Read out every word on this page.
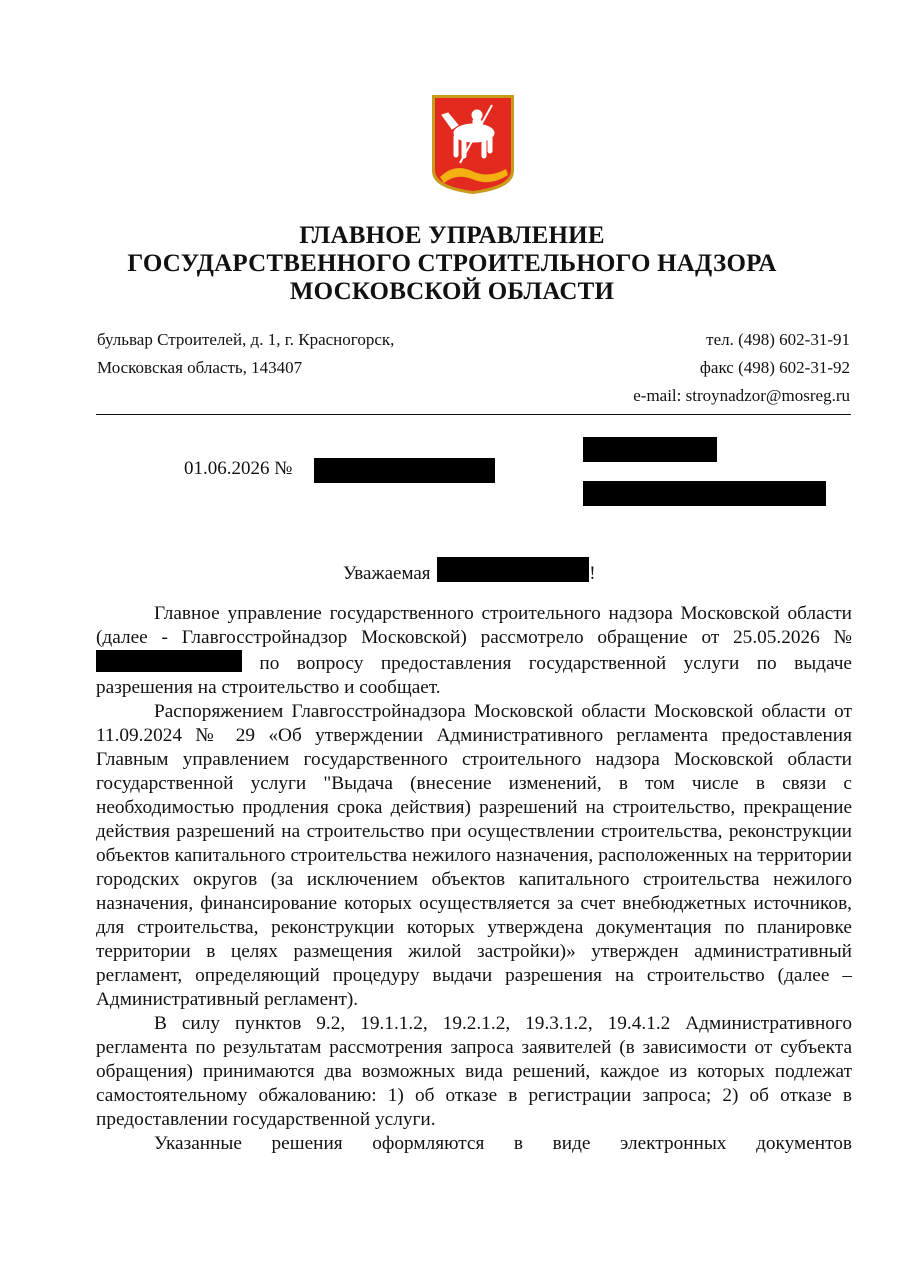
ГЛАВНОЕ УПРАВЛЕНИЕ
ГОСУДАРСТВЕННОГО СТРОИТЕЛЬНОГО НАДЗОРА
МОСКОВСКОЙ ОБЛАСТИ
бульвар Строителей, д. 1, г. Красногорск,
Московская область, 143407
тел. (498) 602-31-91
факс (498) 602-31-92
e-mail: stroynadzor@mosreg.ru
01.06.2026 №
Уважаемая	!

Главное управление государственного строительного надзора Московской области (далее - Главгосстройнадзор Московской) рассмотрело обращение от 25.05.2026 №  по вопросу предоставления государственной услуги по выдаче разрешения на строительство и сообщает.

Распоряжением Главгосстройнадзора Московской области Московской области от 11.09.2024 № 29 «Об утверждении Административного регламента предоставления Главным управлением государственного строительного надзора Московской области государственной услуги "Выдача (внесение изменений, в том числе в связи с необходимостью продления срока действия) разрешений на строительство, прекращение действия разрешений на строительство при осуществлении строительства, реконструкции объектов капитального строительства нежилого назначения, расположенных на территории городских округов (за исключением объектов капитального строительства нежилого назначения, финансирование которых осуществляется за счет внебюджетных источников, для строительства, реконструкции которых утверждена документация по планировке территории в целях размещения жилой застройки)» утвержден административный регламент, определяющий процедуру выдачи разрешения на строительство (далее – Административный регламент).

В силу пунктов 9.2, 19.1.1.2, 19.2.1.2, 19.3.1.2, 19.4.1.2 Административного регламента по результатам рассмотрения запроса заявителей (в зависимости от субъекта обращения) принимаются два возможных вида решений, каждое из которых подлежат самостоятельному обжалованию: 1) об отказе в регистрации запроса; 2) об отказе в предоставлении государственной услуги.

Указанные решения оформляются в виде электронных документов
